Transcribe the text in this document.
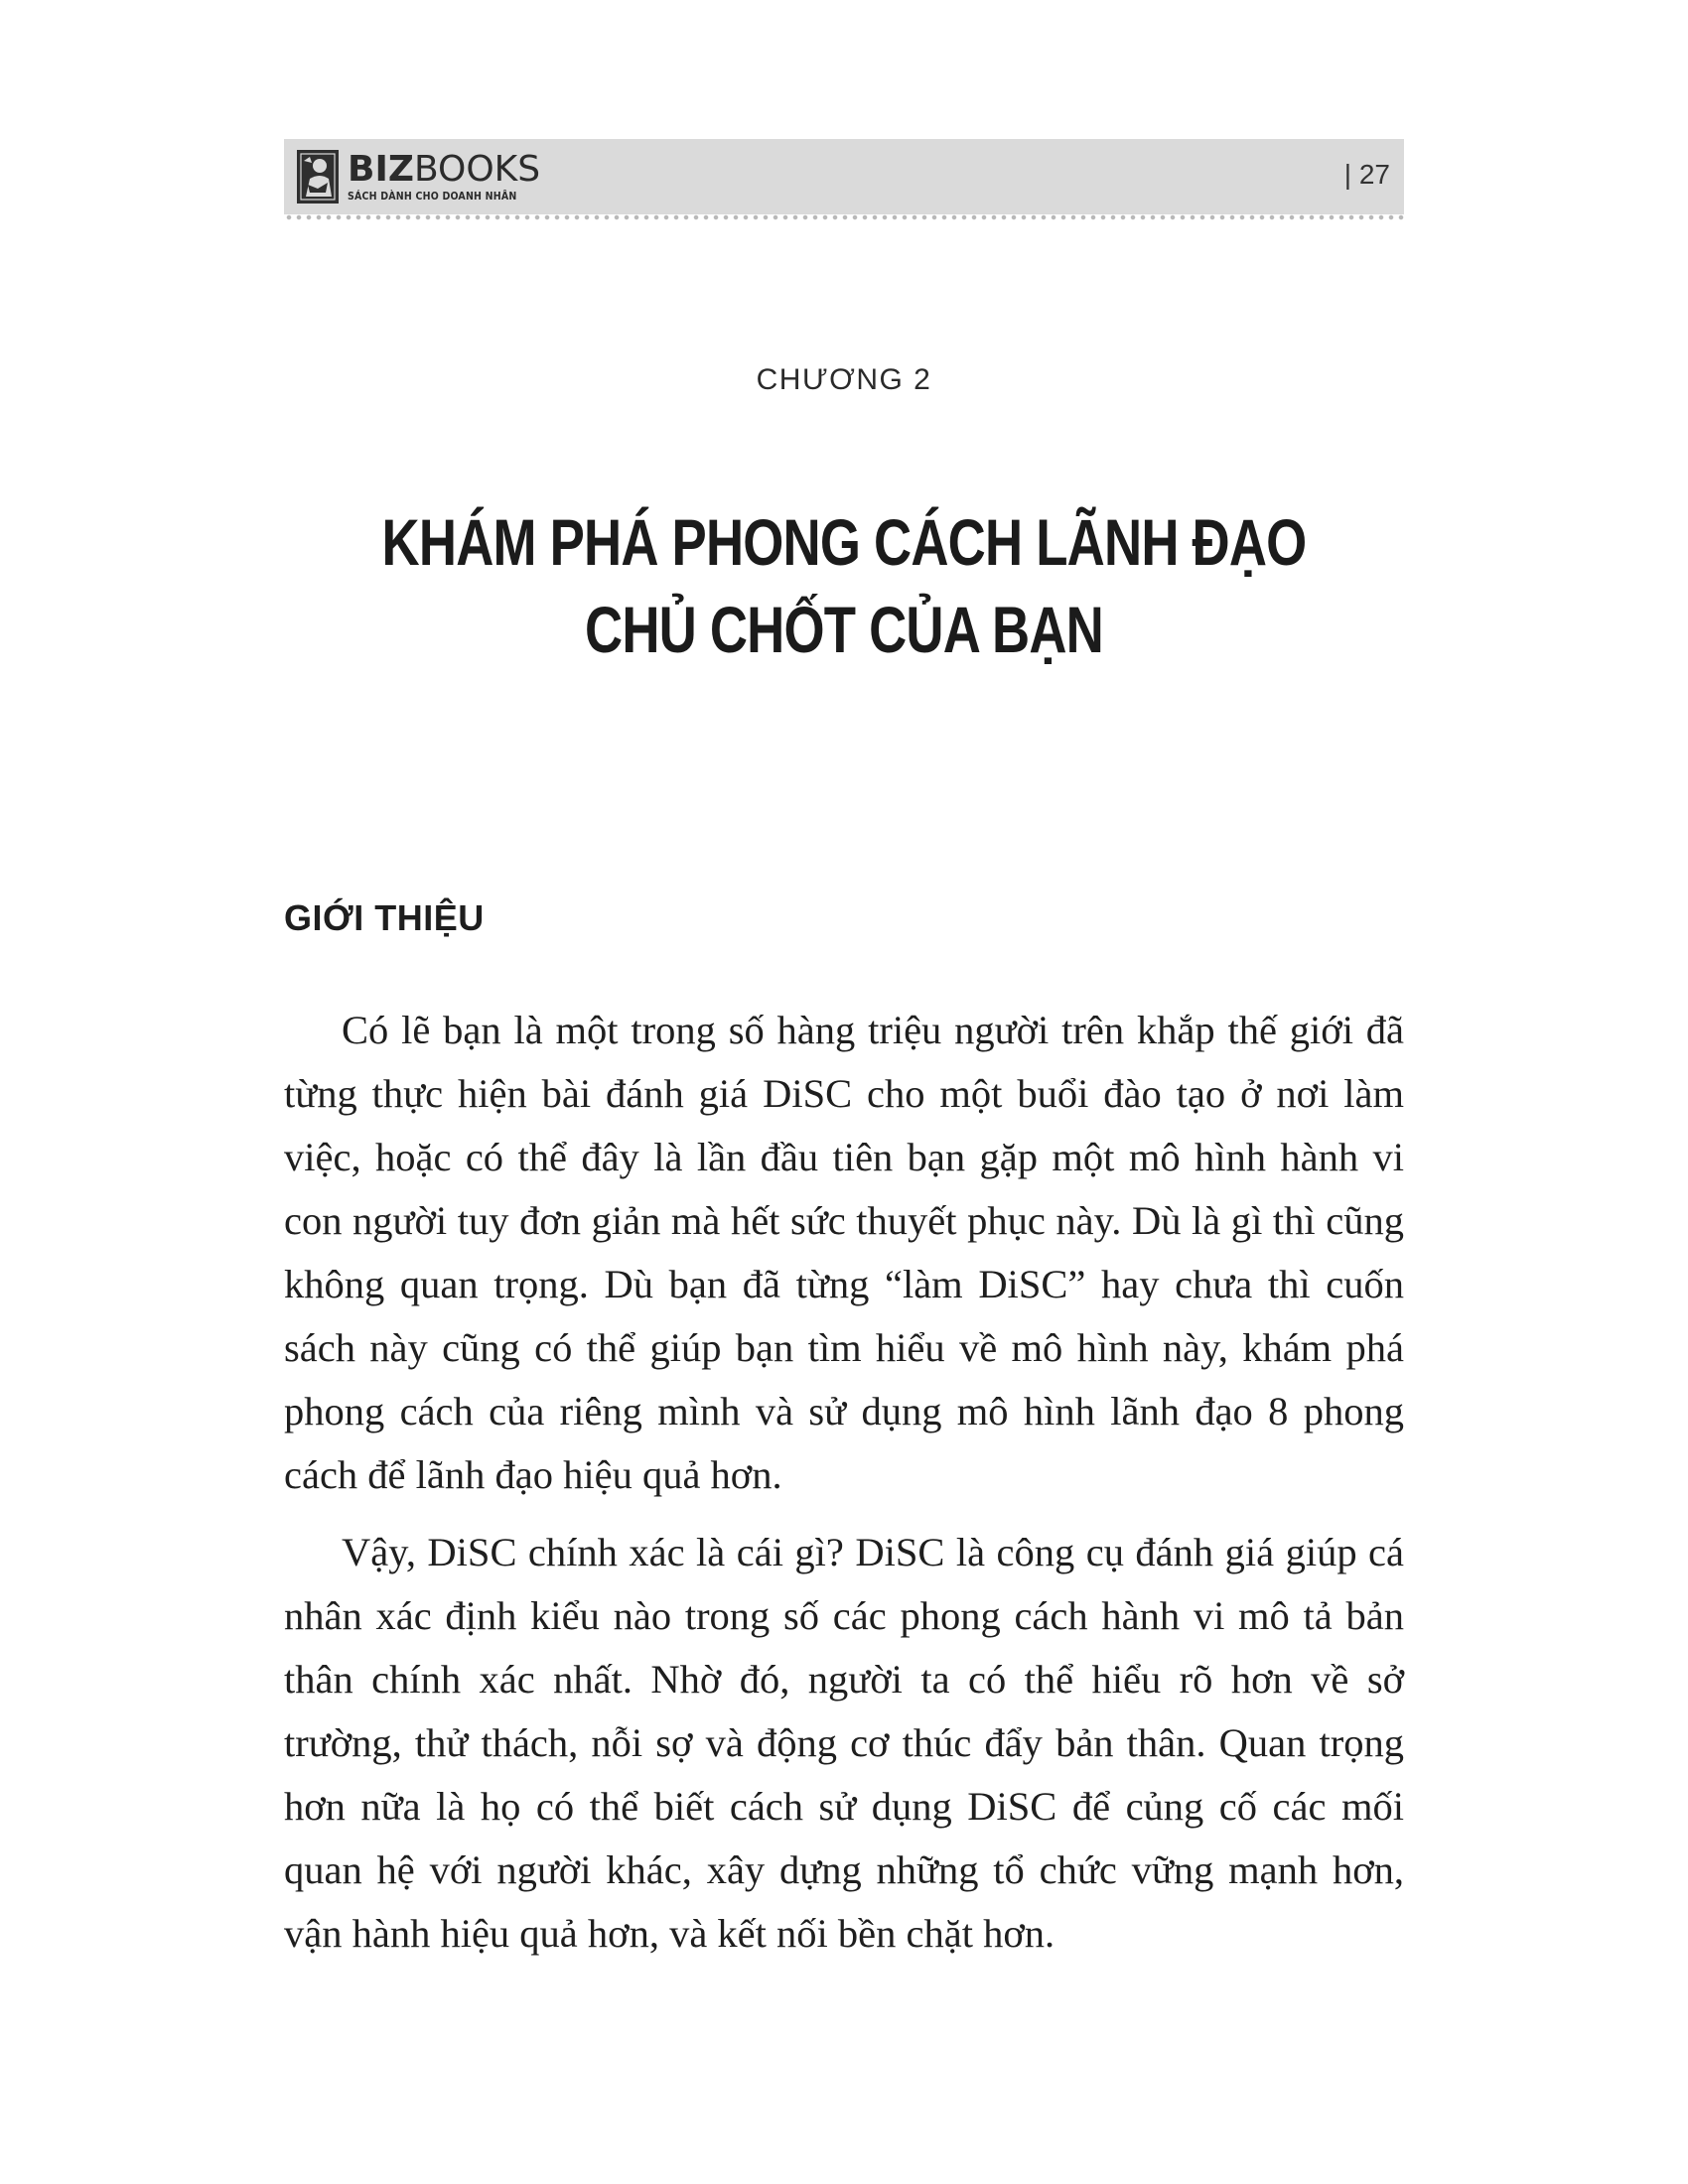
BIZBOOKS
SÁCH DÀNH CHO DOANH NHÂN
| 27
CHƯƠNG 2
KHÁM PHÁ PHONG CÁCH LÃNH ĐẠO
CHỦ CHỐT CỦA BẠN
GIỚI THIỆU

Có lẽ bạn là một trong số hàng triệu người trên khắp thế giới đã từng thực hiện bài đánh giá DiSC cho một buổi đào tạo ở nơi làm việc, hoặc có thể đây là lần đầu tiên bạn gặp một mô hình hành vi con người tuy đơn giản mà hết sức thuyết phục này. Dù là gì thì cũng không quan trọng. Dù bạn đã từng “làm DiSC” hay chưa thì cuốn sách này cũng có thể giúp bạn tìm hiểu về mô hình này, khám phá phong cách của riêng mình và sử dụng mô hình lãnh đạo 8 phong cách để lãnh đạo hiệu quả hơn.

Vậy, DiSC chính xác là cái gì? DiSC là công cụ đánh giá giúp cá nhân xác định kiểu nào trong số các phong cách hành vi mô tả bản thân chính xác nhất. Nhờ đó, người ta có thể hiểu rõ hơn về sở trường, thử thách, nỗi sợ và động cơ thúc đẩy bản thân. Quan trọng hơn nữa là họ có thể biết cách sử dụng DiSC để củng cố các mối quan hệ với người khác, xây dựng những tổ chức vững mạnh hơn, vận hành hiệu quả hơn, và kết nối bền chặt hơn.
